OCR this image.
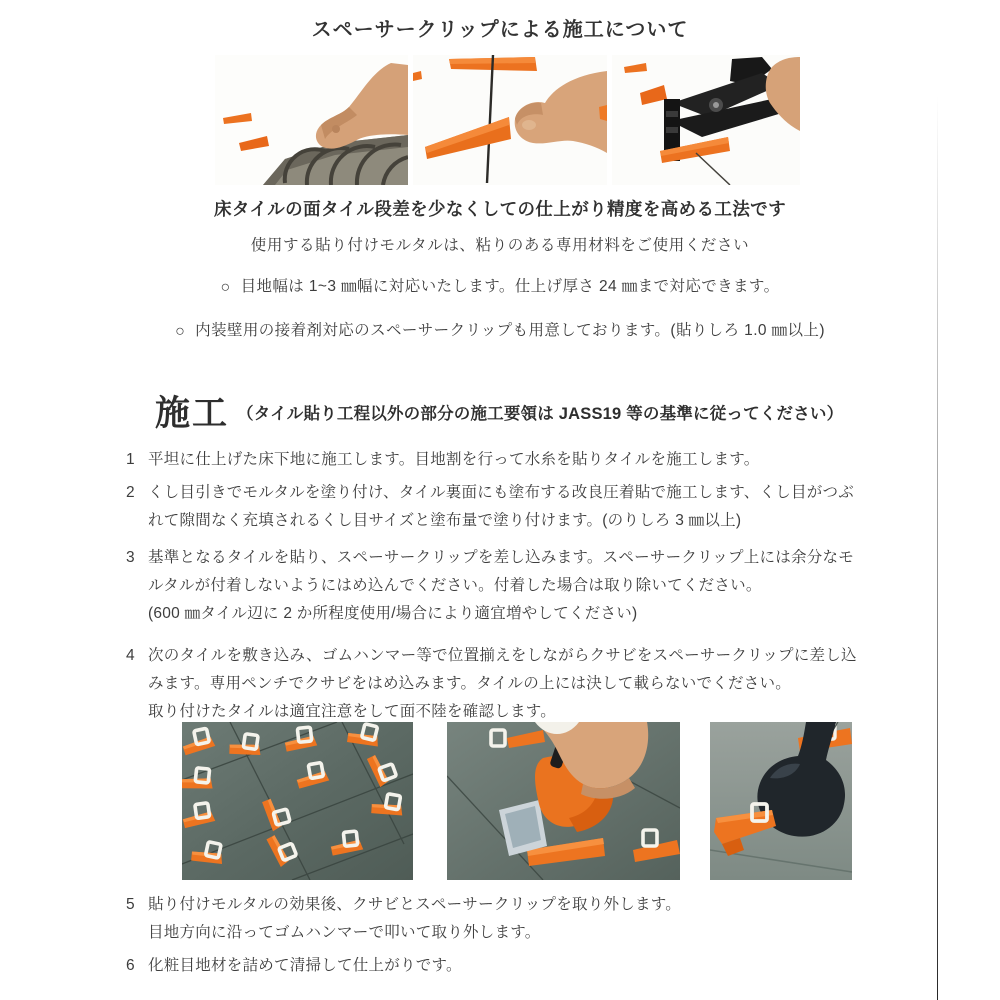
スペーサークリップによる施工について

床タイルの面タイル段差を少なくしての仕上がり精度を高める工法です

使用する貼り付けモルタルは、粘りのある専用材料をご使用ください

○ 目地幅は 1~3 ㎜幅に対応いたします。仕上げ厚さ 24 ㎜まで対応できます。

○ 内装壁用の接着剤対応のスペーサークリップも用意しております。(貼りしろ 1.0 ㎜以上)

施工 （タイル貼り工程以外の部分の施工要領は JASS19 等の基準に従ってください）
1 平坦に仕上げた床下地に施工します。目地割を行って水糸を貼りタイルを施工します。
2 くし目引きでモルタルを塗り付け、タイル裏面にも塗布する改良圧着貼で施工します、くし目がつぶ
れて隙間なく充填されるくし目サイズと塗布量で塗り付けます。(のりしろ 3 ㎜以上)
3 基準となるタイルを貼り、スペーサークリップを差し込みます。スペーサークリップ上には余分なモ
ルタルが付着しないようにはめ込んでください。付着した場合は取り除いてください。
(600 ㎜タイル辺に 2 か所程度使用/場合により適宜増やしてください)
4 次のタイルを敷き込み、ゴムハンマー等で位置揃えをしながらクサビをスペーサークリップに差し込
みます。専用ペンチでクサビをはめ込みます。タイルの上には決して載らないでください。
取り付けたタイルは適宜注意をして面不陸を確認します。
5 貼り付けモルタルの効果後、クサビとスペーサークリップを取り外します。
目地方向に沿ってゴムハンマーで叩いて取り外します。
6 化粧目地材を詰めて清掃して仕上がりです。
